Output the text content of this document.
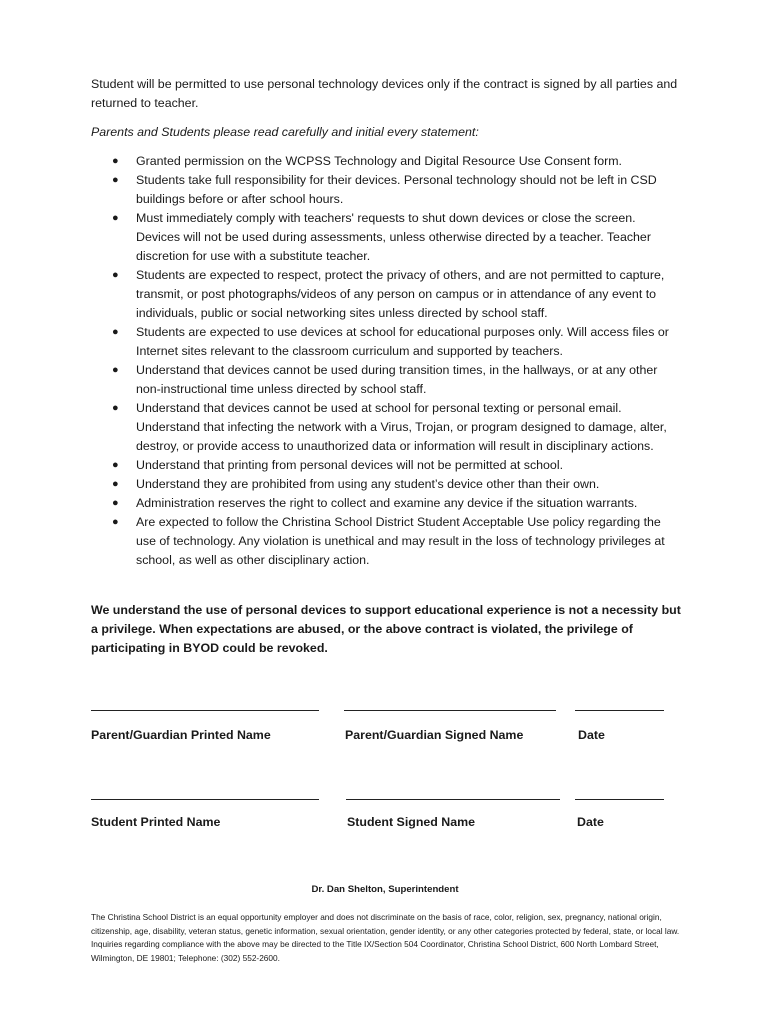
Student will be permitted to use personal technology devices only if the contract is signed by all parties and returned to teacher.

Parents and Students please read carefully and initial every statement:

● Granted permission on the WCPSS Technology and Digital Resource Use Consent form.
● Students take full responsibility for their devices. Personal technology should not be left in CSD buildings before or after school hours.
● Must immediately comply with teachers' requests to shut down devices or close the screen. Devices will not be used during assessments, unless otherwise directed by a teacher. Teacher discretion for use with a substitute teacher.
● Students are expected to respect, protect the privacy of others, and are not permitted to capture, transmit, or post photographs/videos of any person on campus or in attendance of any event to individuals, public or social networking sites unless directed by school staff.
● Students are expected to use devices at school for educational purposes only. Will access files or Internet sites relevant to the classroom curriculum and supported by teachers.
● Understand that devices cannot be used during transition times, in the hallways, or at any other non-instructional time unless directed by school staff.
● Understand that devices cannot be used at school for personal texting or personal email. Understand that infecting the network with a Virus, Trojan, or program designed to damage, alter, destroy, or provide access to unauthorized data or information will result in disciplinary actions.
● Understand that printing from personal devices will not be permitted at school.
● Understand they are prohibited from using any student’s device other than their own.
● Administration reserves the right to collect and examine any device if the situation warrants.
● Are expected to follow the Christina School District Student Acceptable Use policy regarding the use of technology. Any violation is unethical and may result in the loss of technology privileges at school, as well as other disciplinary action.

We understand the use of personal devices to support educational experience is not a necessity but a privilege. When expectations are abused, or the above contract is violated, the privilege of participating in BYOD could be revoked.

Parent/Guardian Printed Name	Parent/Guardian Signed Name	Date
Student Printed Name	Student Signed Name	Date
Dr. Dan Shelton, Superintendent

The Christina School District is an equal opportunity employer and does not discriminate on the basis of race, color, religion, sex, pregnancy, national origin, citizenship, age, disability, veteran status, genetic information, sexual orientation, gender identity, or any other categories protected by federal, state, or local law. Inquiries regarding compliance with the above may be directed to the Title IX/Section 504 Coordinator, Christina School District, 600 North Lombard Street, Wilmington, DE 19801; Telephone: (302) 552-2600.
